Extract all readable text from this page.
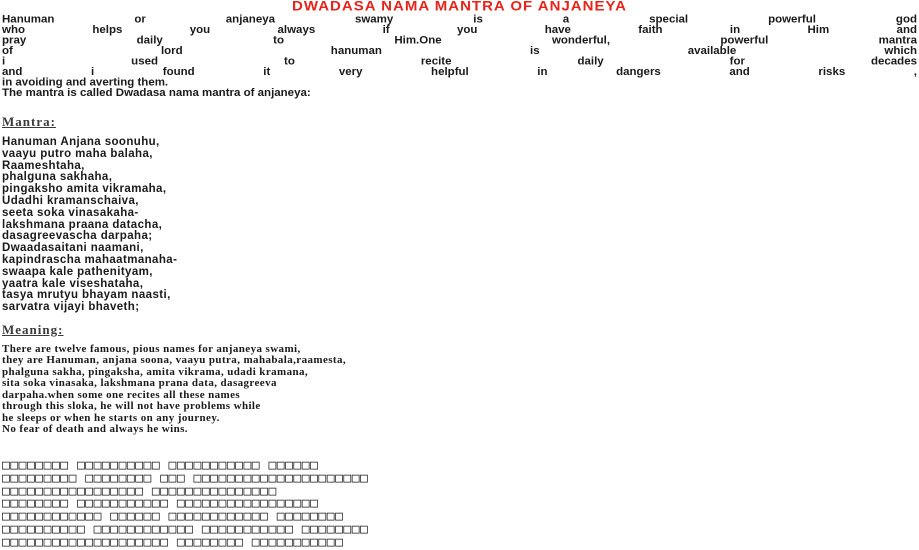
DWADASA NAMA MANTRA OF ANJANEYA
Hanuman or anjaneya swamy is a special powerful god
who helps you always if you have faith in Him and
pray daily to Him.One wonderful, powerful mantra
of lord hanuman is available which
i used to recite daily for decades
and i found it very helpful in dangers and risks ,
in avoiding and averting them.
The mantra is called Dwadasa nama mantra of anjaneya:
Mantra:
Hanuman Anjana soonuhu,
vaayu putro maha balaha,
Raameshtaha,
phalguna sakhaha,
pingaksho amita vikramaha,
Udadhi kramanschaiva,
seeta soka vinasakaha-
lakshmana praana datacha,
dasagreevascha darpaha;
Dwaadasaitani naamani,
kapindrascha mahaatmanaha-
swaapa kale pathenityam,
yaatra kale viseshataha,
tasya mrutyu bhayam naasti,
sarvatra vijayi bhaveth;
Meaning:
There are twelve famous, pious names for anjaneya swami,
they are Hanuman, anjana soona, vaayu putra, mahabala,raamesta,
phalguna sakha, pingaksha, amita vikrama, udadi kramana,
sita soka vinasaka, lakshmana prana data, dasagreeva
darpaha.when some one recites all these names
through this sloka, he will not have problems while
he sleeps or when he starts on any journey.
No fear of death and always he wins.
□□□□□□□□ □□□□□□□□□□ □□□□□□□□□□□ □□□□□□
□□□□□□□□□ □□□□□□□□ □□□ □□□□□□□□□□□□□□□□□□□□□
□□□□□□□□□□□□□□□□□ □□□□□□□□□□□□□□□
□□□□□□□□ □□□□□□□□□□□ □□□□□□□□□□□□□□□□□
□□□□□□□□□□□□ □□□□□□ □□□□□□□□□□□□ □□□□□□□□
□□□□□□□□□□ □□□□□□□□□□□□ □□□□□□□□□□□ □□□□□□□□
□□□□□□□□□□□□□□□□□□□□ □□□□□□□□ □□□□□□□□□□□
